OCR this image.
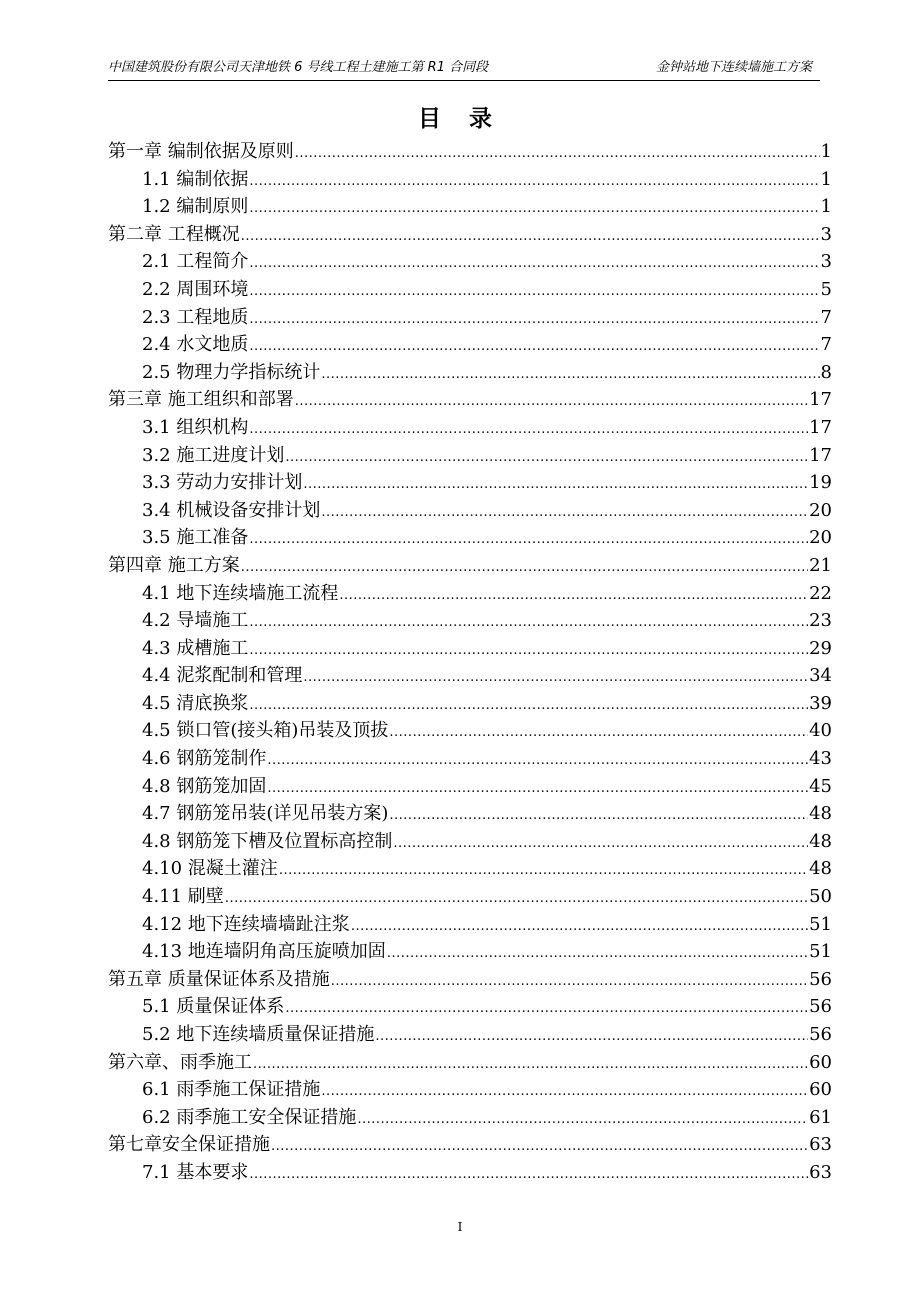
中国建筑股份有限公司天津地铁 6 号线工程土建施工第 R1 合同段	金钟站地下连续墙施工方案
目 录
第一章 编制依据及原则 .....	1
1.1 编制依据 .....	1
1.2 编制原则 .....	1
第二章 工程概况 .....	3
2.1 工程简介 .....	3
2.2 周围环境 .....	5
2.3 工程地质 .....	7
2.4 水文地质 .....	7
2.5 物理力学指标统计 .....	8
第三章 施工组织和部署 .....	17
3.1 组织机构 .....	17
3.2 施工进度计划 .....	17
3.3 劳动力安排计划 .....	19
3.4 机械设备安排计划 .....	20
3.5 施工准备 .....	20
第四章 施工方案 .....	21
4.1 地下连续墙施工流程 .....	22
4.2 导墙施工 .....	23
4.3 成槽施工 .....	29
4.4 泥浆配制和管理 .....	34
4.5 清底换浆 .....	39
4.5 锁口管(接头箱)吊装及顶拔 .....	40
4.6 钢筋笼制作 .....	43
4.8 钢筋笼加固 .....	45
4.7 钢筋笼吊装(详见吊装方案) .....	48
4.8 钢筋笼下槽及位置标高控制 .....	48
4.10 混凝土灌注 .....	48
4.11 刷壁 .....	50
4.12 地下连续墙墙趾注浆 .....	51
4.13 地连墙阴角高压旋喷加固 .....	51
第五章 质量保证体系及措施 .....	56
5.1 质量保证体系 .....	56
5.2 地下连续墙质量保证措施 .....	56
第六章、雨季施工 .....	60
6.1 雨季施工保证措施 .....	60
6.2 雨季施工安全保证措施 .....	61
第七章安全保证措施 .....	63
7.1 基本要求 .....	63
I
